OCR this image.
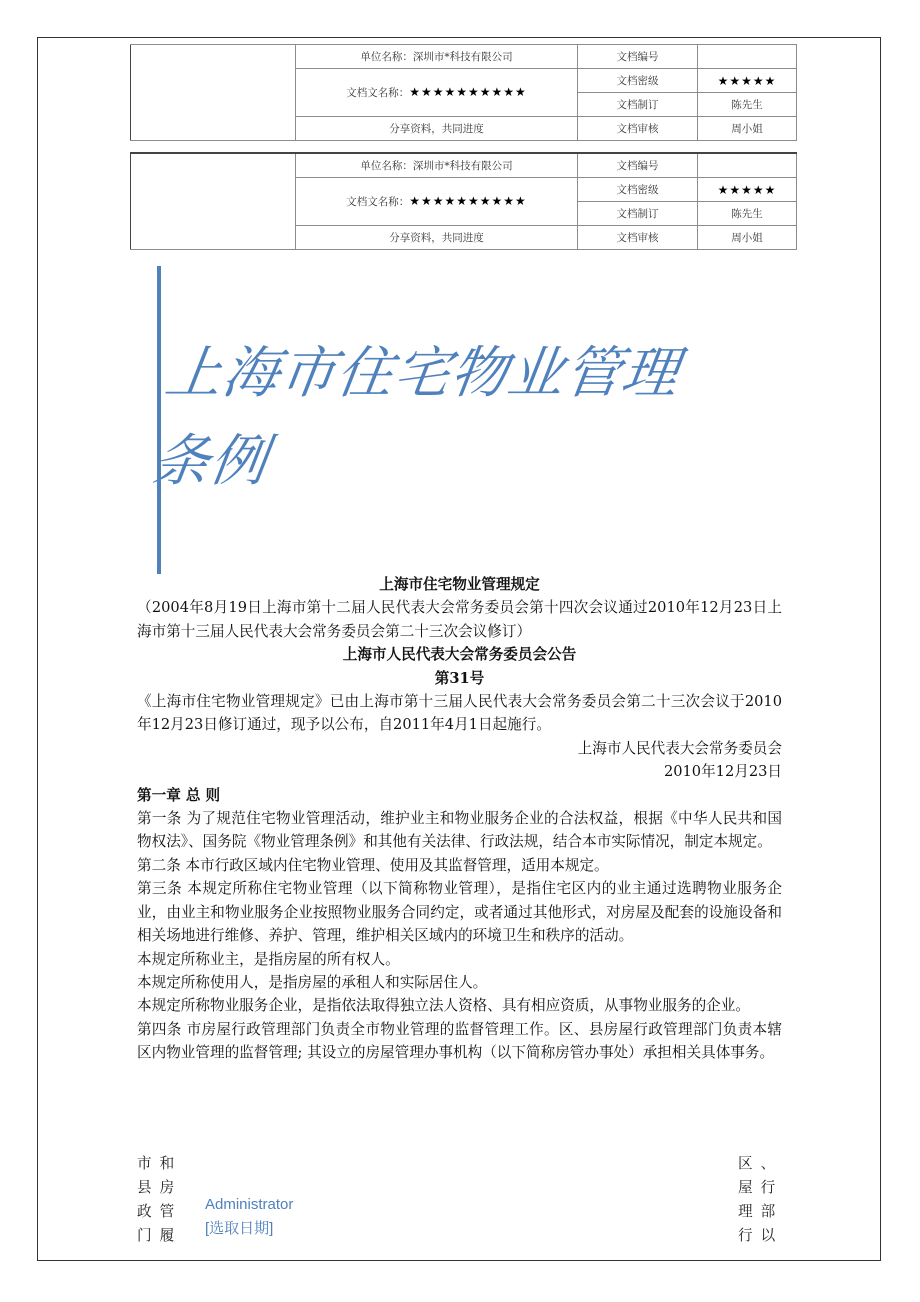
	单位名称：深圳市*科技有限公司	文档编号	
	文档文名称：★★★★★★★★★★	文档密级	★★★★★
		文档制订	陈先生
	分享资料，共同进度	文档审核	周小姐
	单位名称：深圳市*科技有限公司	文档编号	
	文档文名称：★★★★★★★★★★	文档密级	★★★★★
		文档制订	陈先生
	分享资料，共同进度	文档审核	周小姐
上海市住宅物业管理
条例

上海市住宅物业管理规定

（2004年8月19日上海市第十二届人民代表大会常务委员会第十四次会议通过2010年12月23日上海市第十三届人民代表大会常务委员会第二十三次会议修订）

上海市人民代表大会常务委员会公告

第31号

《上海市住宅物业管理规定》已由上海市第十三届人民代表大会常务委员会第二十三次会议于2010年12月23日修订通过，现予以公布，自2011年4月1日起施行。

上海市人民代表大会常务委员会

2010年12月23日

第一章 总 则

第一条 为了规范住宅物业管理活动，维护业主和物业服务企业的合法权益，根据《中华人民共和国物权法》、国务院《物业管理条例》和其他有关法律、行政法规，结合本市实际情况，制定本规定。

第二条 本市行政区域内住宅物业管理、使用及其监督管理，适用本规定。

第三条 本规定所称住宅物业管理（以下简称物业管理），是指住宅区内的业主通过选聘物业服务企业，由业主和物业服务企业按照物业服务合同约定，或者通过其他形式，对房屋及配套的设施设备和相关场地进行维修、养护、管理，维护相关区域内的环境卫生和秩序的活动。

本规定所称业主，是指房屋的所有权人。

本规定所称使用人，是指房屋的承租人和实际居住人。

本规定所称物业服务企业，是指依法取得独立法人资格、具有相应资质，从事物业服务的企业。

第四条 市房屋行政管理部门负责全市物业管理的监督管理工作。区、县房屋行政管理部门负责本辖区内物业管理的监督管理; 其设立的房屋管理办事机构（以下简称房管办事处）承担相关具体事务。

市和
县房
政管
门履
Administrator
[选取日期]
区、
屋行
理部
行以
